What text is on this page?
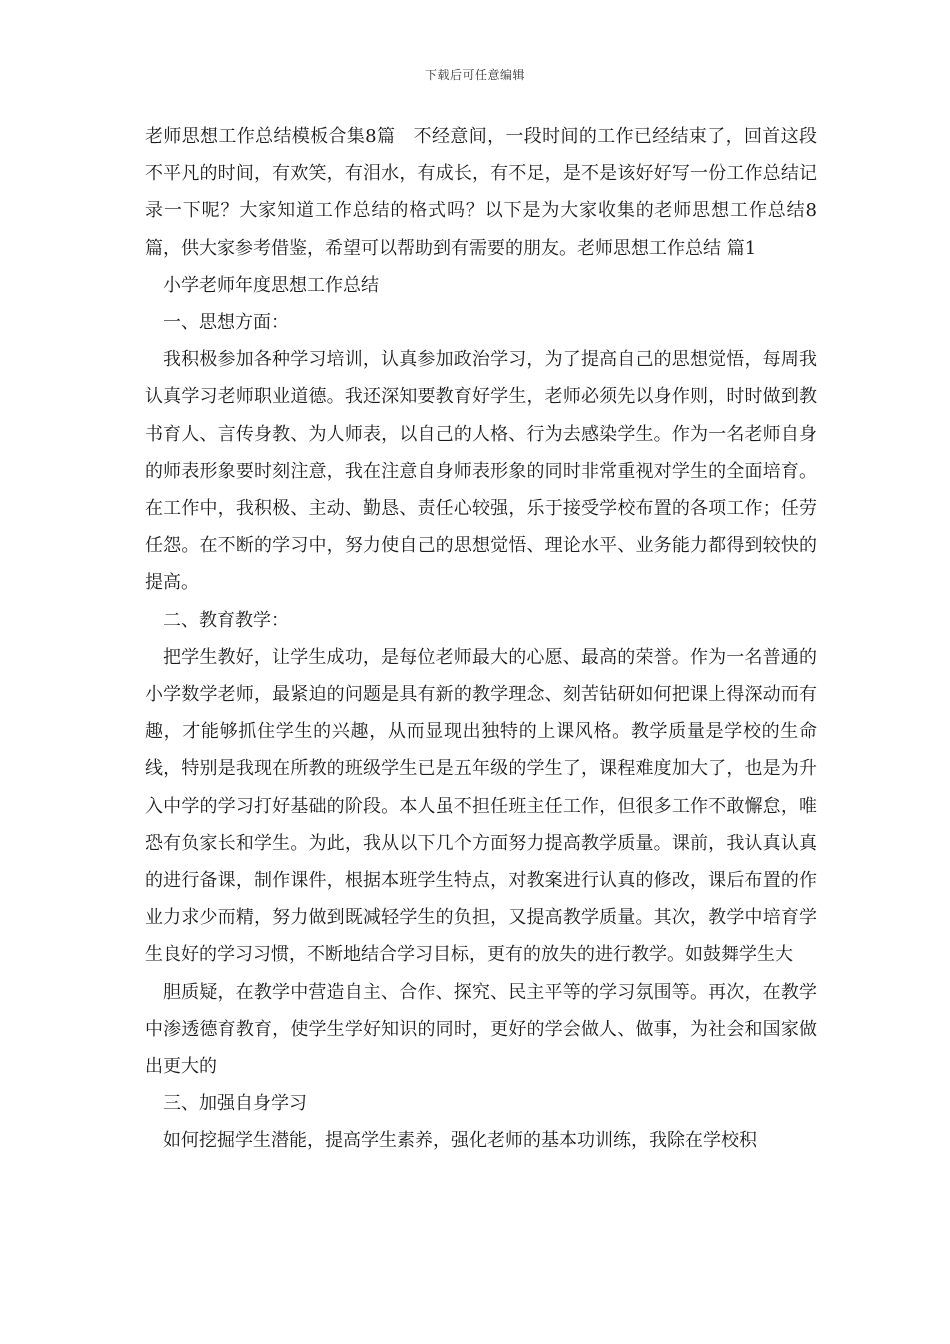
下载后可任意编辑

老师思想工作总结模板合集8篇　不经意间，一段时间的工作已经结束了，回首这段不平凡的时间，有欢笑，有泪水，有成长，有不足，是不是该好好写一份工作总结记录一下呢？大家知道工作总结的格式吗？以下是为大家收集的老师思想工作总结8篇，供大家参考借鉴，希望可以帮助到有需要的朋友。老师思想工作总结 篇1

小学老师年度思想工作总结

一、思想方面：

我积极参加各种学习培训，认真参加政治学习，为了提高自己的思想觉悟，每周我认真学习老师职业道德。我还深知要教育好学生，老师必须先以身作则，时时做到教书育人、言传身教、为人师表，以自己的人格、行为去感染学生。作为一名老师自身的师表形象要时刻注意，我在注意自身师表形象的同时非常重视对学生的全面培育。在工作中，我积极、主动、勤恳、责任心较强，乐于接受学校布置的各项工作；任劳任怨。在不断的学习中，努力使自己的思想觉悟、理论水平、业务能力都得到较快的提高。

二、教育教学：

把学生教好，让学生成功，是每位老师最大的心愿、最高的荣誉。作为一名普通的小学数学老师，最紧迫的问题是具有新的教学理念、刻苦钻研如何把课上得深动而有趣，才能够抓住学生的兴趣，从而显现出独特的上课风格。教学质量是学校的生命线，特别是我现在所教的班级学生已是五年级的学生了，课程难度加大了，也是为升入中学的学习打好基础的阶段。本人虽不担任班主任工作，但很多工作不敢懈怠，唯恐有负家长和学生。为此，我从以下几个方面努力提高教学质量。课前，我认真认真的进行备课，制作课件，根据本班学生特点，对教案进行认真的修改，课后布置的作业力求少而精，努力做到既减轻学生的负担，又提高教学质量。其次，教学中培育学生良好的学习习惯，不断地结合学习目标，更有的放失的进行教学。如鼓舞学生大

胆质疑，在教学中营造自主、合作、探究、民主平等的学习氛围等。再次，在教学中渗透德育教育，使学生学好知识的同时，更好的学会做人、做事，为社会和国家做出更大的

三、加强自身学习

如何挖掘学生潜能，提高学生素养，强化老师的基本功训练，我除在学校积
